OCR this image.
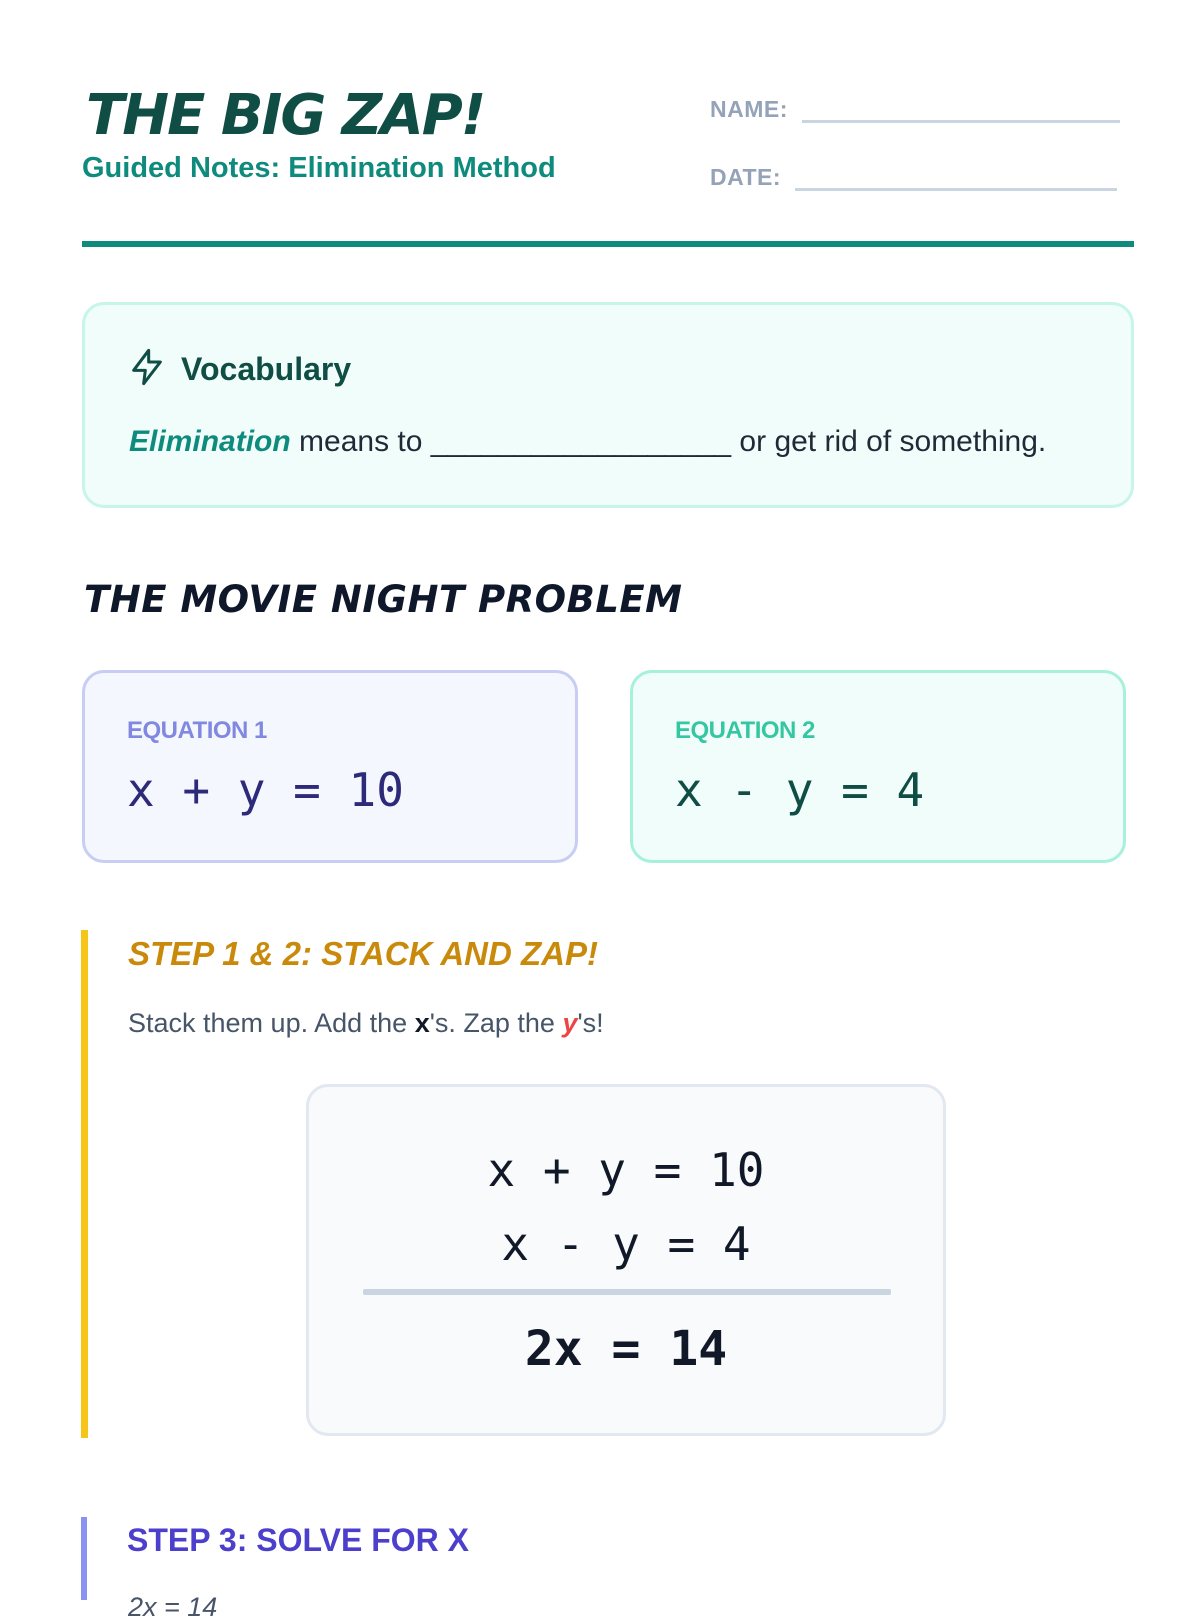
THE BIG ZAP!
Guided Notes: Elimination Method
NAME:
DATE:
Vocabulary
Elimination means to __________________ or get rid of something.
THE MOVIE NIGHT PROBLEM
EQUATION 1
x + y = 10
EQUATION 2
x - y = 4
STEP 1 & 2: STACK AND ZAP!
Stack them up. Add the x's. Zap the y's!
x + y = 10
x - y = 4
2x = 14
STEP 3: SOLVE FOR X
2x = 14
